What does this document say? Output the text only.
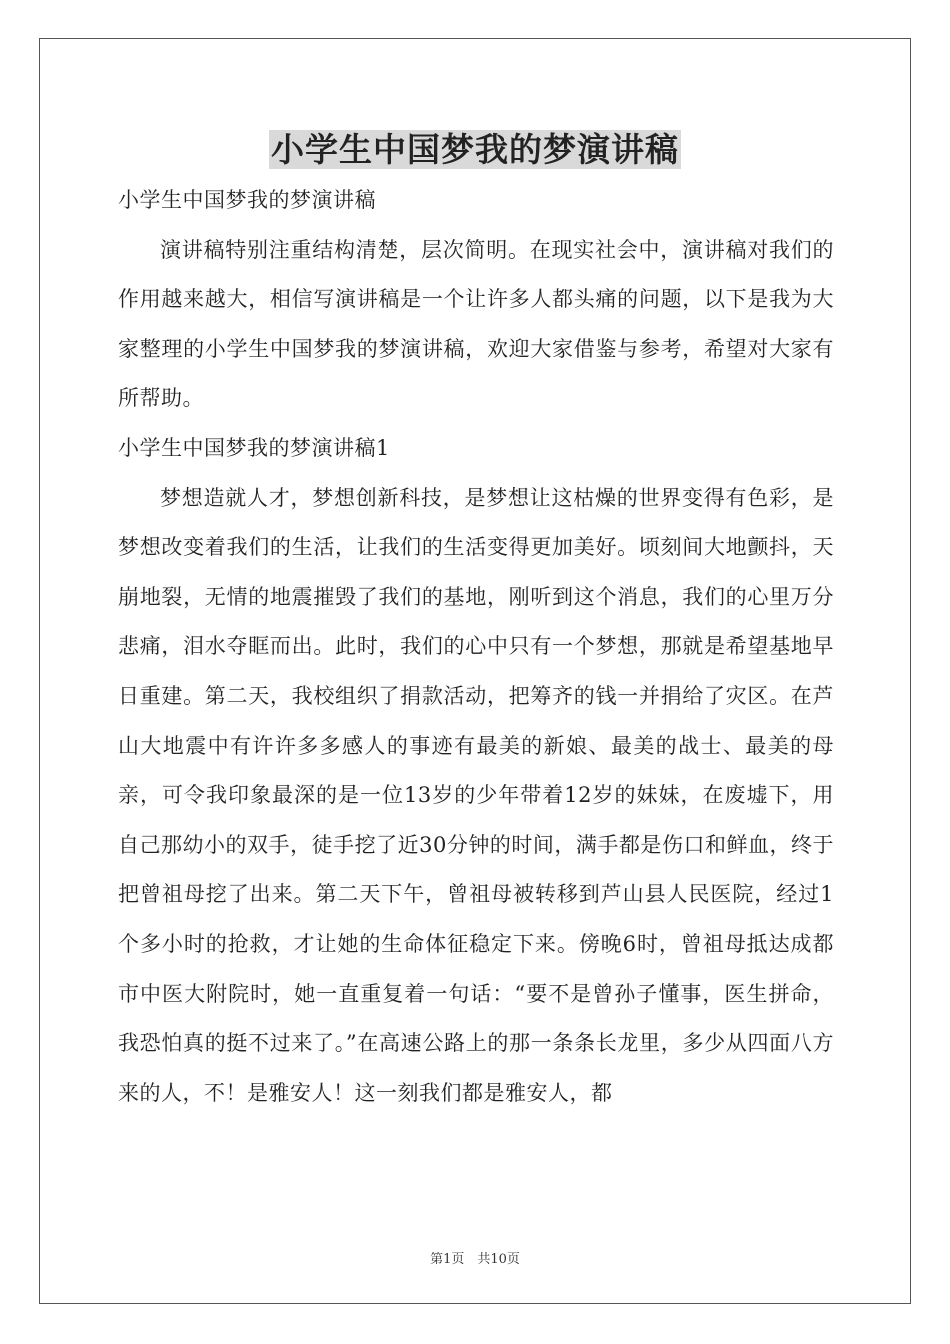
小学生中国梦我的梦演讲稿

小学生中国梦我的梦演讲稿

演讲稿特别注重结构清楚，层次简明。在现实社会中，演讲稿对我们的作用越来越大，相信写演讲稿是一个让许多人都头痛的问题，以下是我为大家整理的小学生中国梦我的梦演讲稿，欢迎大家借鉴与参考，希望对大家有所帮助。

小学生中国梦我的梦演讲稿1

梦想造就人才，梦想创新科技，是梦想让这枯燥的世界变得有色彩，是梦想改变着我们的生活，让我们的生活变得更加美好。顷刻间大地颤抖，天崩地裂，无情的地震摧毁了我们的基地，刚听到这个消息，我们的心里万分悲痛，泪水夺眶而出。此时，我们的心中只有一个梦想，那就是希望基地早日重建。第二天，我校组织了捐款活动，把筹齐的钱一并捐给了灾区。在芦山大地震中有许许多多感人的事迹有最美的新娘、最美的战士、最美的母亲，可令我印象最深的是一位13岁的少年带着12岁的妹妹，在废墟下，用自己那幼小的双手，徒手挖了近30分钟的时间，满手都是伤口和鲜血，终于把曾祖母挖了出来。第二天下午，曾祖母被转移到芦山县人民医院，经过1个多小时的抢救，才让她的生命体征稳定下来。傍晚6时，曾祖母抵达成都市中医大附院时，她一直重复着一句话：“要不是曾孙子懂事，医生拼命，我恐怕真的挺不过来了。”在高速公路上的那一条条长龙里，多少从四面八方来的人，不！是雅安人！这一刻我们都是雅安人，都

第1页　共10页
